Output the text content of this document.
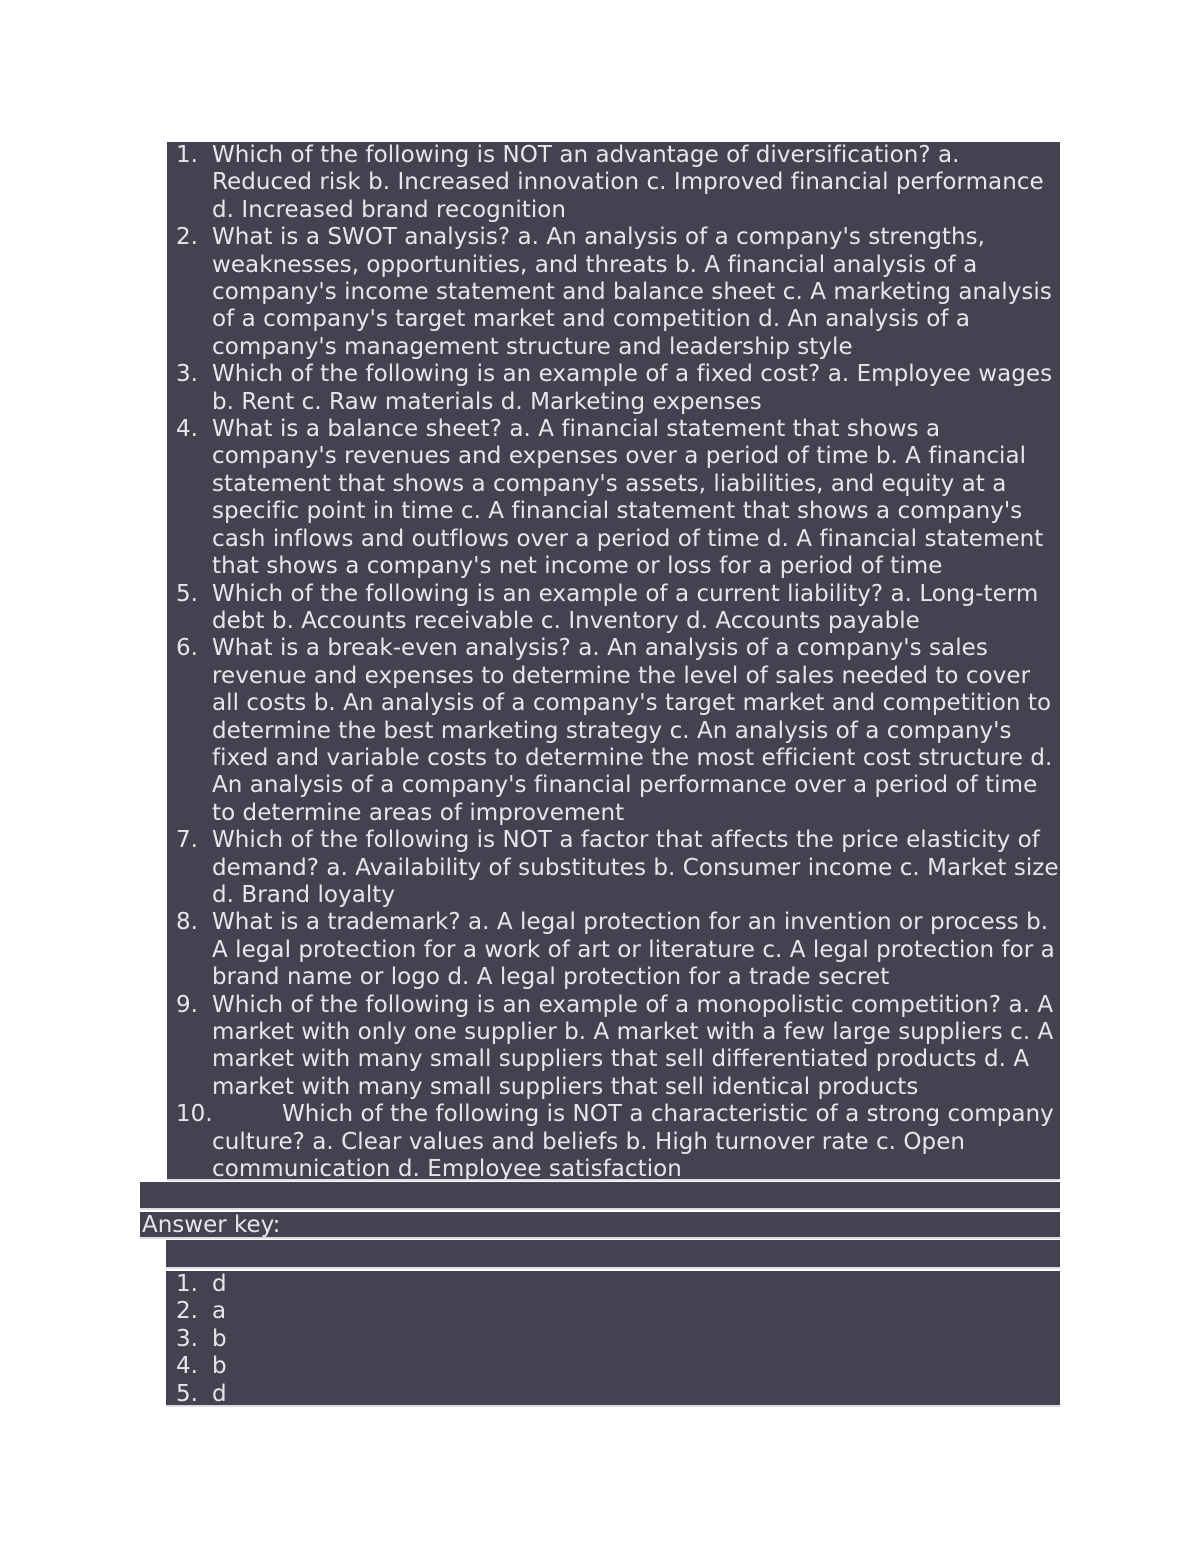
1. Which of the following is NOT an advantage of diversification? a. Reduced risk b. Increased innovation c. Improved financial performance d. Increased brand recognition
2. What is a SWOT analysis? a. An analysis of a company's strengths, weaknesses, opportunities, and threats b. A financial analysis of a company's income statement and balance sheet c. A marketing analysis of a company's target market and competition d. An analysis of a company's management structure and leadership style
3. Which of the following is an example of a fixed cost? a. Employee wages b. Rent c. Raw materials d. Marketing expenses
4. What is a balance sheet? a. A financial statement that shows a company's revenues and expenses over a period of time b. A financial statement that shows a company's assets, liabilities, and equity at a specific point in time c. A financial statement that shows a company's cash inflows and outflows over a period of time d. A financial statement that shows a company's net income or loss for a period of time
5. Which of the following is an example of a current liability? a. Long-term debt b. Accounts receivable c. Inventory d. Accounts payable
6. What is a break-even analysis? a. An analysis of a company's sales revenue and expenses to determine the level of sales needed to cover all costs b. An analysis of a company's target market and competition to determine the best marketing strategy c. An analysis of a company's fixed and variable costs to determine the most efficient cost structure d. An analysis of a company's financial performance over a period of time to determine areas of improvement
7. Which of the following is NOT a factor that affects the price elasticity of demand? a. Availability of substitutes b. Consumer income c. Market size d. Brand loyalty
8. What is a trademark? a. A legal protection for an invention or process b. A legal protection for a work of art or literature c. A legal protection for a brand name or logo d. A legal protection for a trade secret
9. Which of the following is an example of a monopolistic competition? a. A market with only one supplier b. A market with a few large suppliers c. A market with many small suppliers that sell differentiated products d. A market with many small suppliers that sell identical products
10.	Which of the following is NOT a characteristic of a strong company culture? a. Clear values and beliefs b. High turnover rate c. Open communication d. Employee satisfaction
Answer key:
1. d
2. a
3. b
4. b
5. d
